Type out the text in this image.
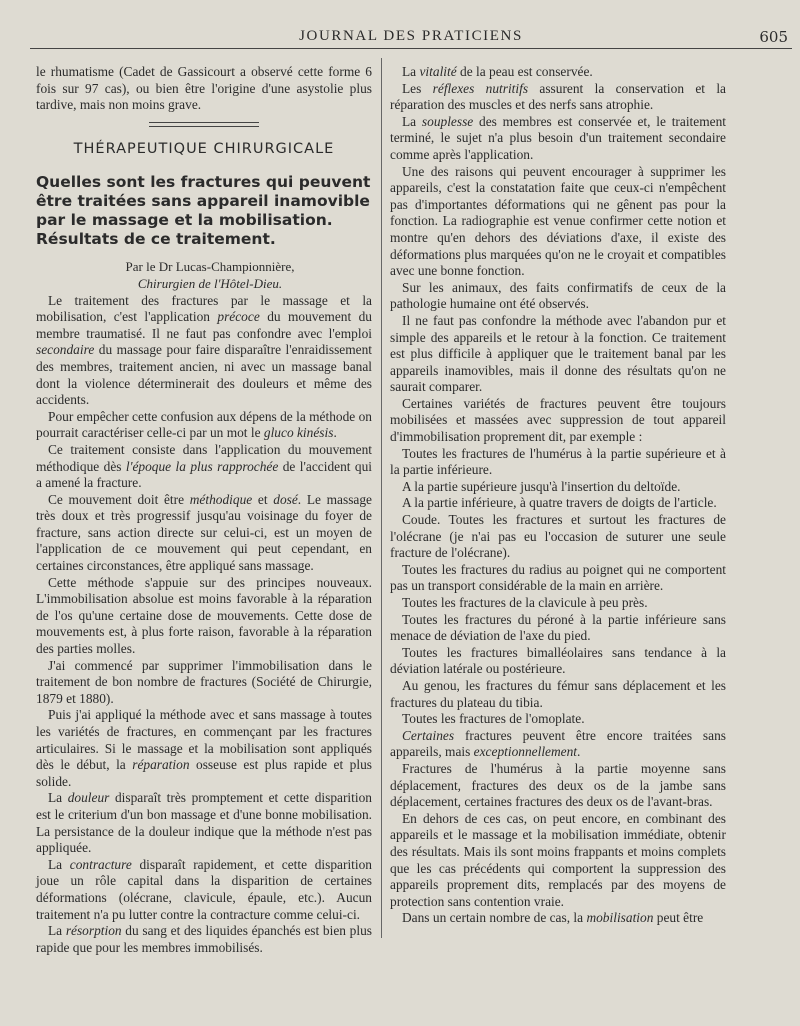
JOURNAL DES PRATICIENS	605

le rhumatisme (Cadet de Gassicourt a observé cette forme 6 fois sur 97 cas), ou bien être l'origine d'une asystolie plus tardive, mais non moins grave.

THÉRAPEUTIQUE CHIRURGICALE
Quelles sont les fractures qui peuvent être traitées sans appareil inamovible par le massage et la mobilisation. Résultats de ce traitement.

Par le Dr Lucas-Championnière,

Chirurgien de l'Hôtel-Dieu.

Le traitement des fractures par le massage et la mobilisation, c'est l'application précoce du mouvement du membre traumatisé. Il ne faut pas confondre avec l'emploi secondaire du massage pour faire disparaître l'enraidissement des membres, traitement ancien, ni avec un massage banal dont la violence déterminerait des douleurs et même des accidents.

Pour empêcher cette confusion aux dépens de la méthode on pourrait caractériser celle-ci par un mot le gluco kinésis.

Ce traitement consiste dans l'application du mouvement méthodique dès l'époque la plus rapprochée de l'accident qui a amené la fracture.

Ce mouvement doit être méthodique et dosé. Le massage très doux et très progressif jusqu'au voisinage du foyer de fracture, sans action directe sur celui-ci, est un moyen de l'application de ce mouvement qui peut cependant, en certaines circonstances, être appliqué sans massage.

Cette méthode s'appuie sur des principes nouveaux. L'immobilisation absolue est moins favorable à la réparation de l'os qu'une certaine dose de mouvements. Cette dose de mouvements est, à plus forte raison, favorable à la réparation des parties molles.

J'ai commencé par supprimer l'immobilisation dans le traitement de bon nombre de fractures (Société de Chirurgie, 1879 et 1880).

Puis j'ai appliqué la méthode avec et sans massage à toutes les variétés de fractures, en commençant par les fractures articulaires. Si le massage et la mobilisation sont appliqués dès le début, la réparation osseuse est plus rapide et plus solide.

La douleur disparaît très promptement et cette disparition est le criterium d'un bon massage et d'une bonne mobilisation. La persistance de la douleur indique que la méthode n'est pas appliquée.

La contracture disparaît rapidement, et cette disparition joue un rôle capital dans la disparition de certaines déformations (olécrane, clavicule, épaule, etc.). Aucun traitement n'a pu lutter contre la contracture comme celui-ci.

La résorption du sang et des liquides épanchés est bien plus rapide que pour les membres immobilisés.

La vitalité de la peau est conservée.

Les réflexes nutritifs assurent la conservation et la réparation des muscles et des nerfs sans atrophie.

La souplesse des membres est conservée et, le traitement terminé, le sujet n'a plus besoin d'un traitement secondaire comme après l'application.

Une des raisons qui peuvent encourager à supprimer les appareils, c'est la constatation faite que ceux-ci n'empêchent pas d'importantes déformations qui ne gênent pas pour la fonction. La radiographie est venue confirmer cette notion et montre qu'en dehors des déviations d'axe, il existe des déformations plus marquées qu'on ne le croyait et compatibles avec une bonne fonction.

Sur les animaux, des faits confirmatifs de ceux de la pathologie humaine ont été observés.

Il ne faut pas confondre la méthode avec l'abandon pur et simple des appareils et le retour à la fonction. Ce traitement est plus difficile à appliquer que le traitement banal par les appareils inamovibles, mais il donne des résultats qu'on ne saurait comparer.

Certaines variétés de fractures peuvent être toujours mobilisées et massées avec suppression de tout appareil d'immobilisation proprement dit, par exemple :

Toutes les fractures de l'humérus à la partie supérieure et à la partie inférieure.

A la partie supérieure jusqu'à l'insertion du deltoïde.

A la partie inférieure, à quatre travers de doigts de l'article.

Coude. Toutes les fractures et surtout les fractures de l'olécrane (je n'ai pas eu l'occasion de suturer une seule fracture de l'olécrane).

Toutes les fractures du radius au poignet qui ne comportent pas un transport considérable de la main en arrière.

Toutes les fractures de la clavicule à peu près.

Toutes les fractures du péroné à la partie inférieure sans menace de déviation de l'axe du pied.

Toutes les fractures bimalléolaires sans tendance à la déviation latérale ou postérieure.

Au genou, les fractures du fémur sans déplacement et les fractures du plateau du tibia.

Toutes les fractures de l'omoplate.

Certaines fractures peuvent être encore traitées sans appareils, mais exceptionnellement.

Fractures de l'humérus à la partie moyenne sans déplacement, fractures des deux os de la jambe sans déplacement, certaines fractures des deux os de l'avant-bras.

En dehors de ces cas, on peut encore, en combinant des appareils et le massage et la mobilisation immédiate, obtenir des résultats. Mais ils sont moins frappants et moins complets que les cas précédents qui comportent la suppression des appareils proprement dits, remplacés par des moyens de protection sans contention vraie.

Dans un certain nombre de cas, la mobilisation peut être
